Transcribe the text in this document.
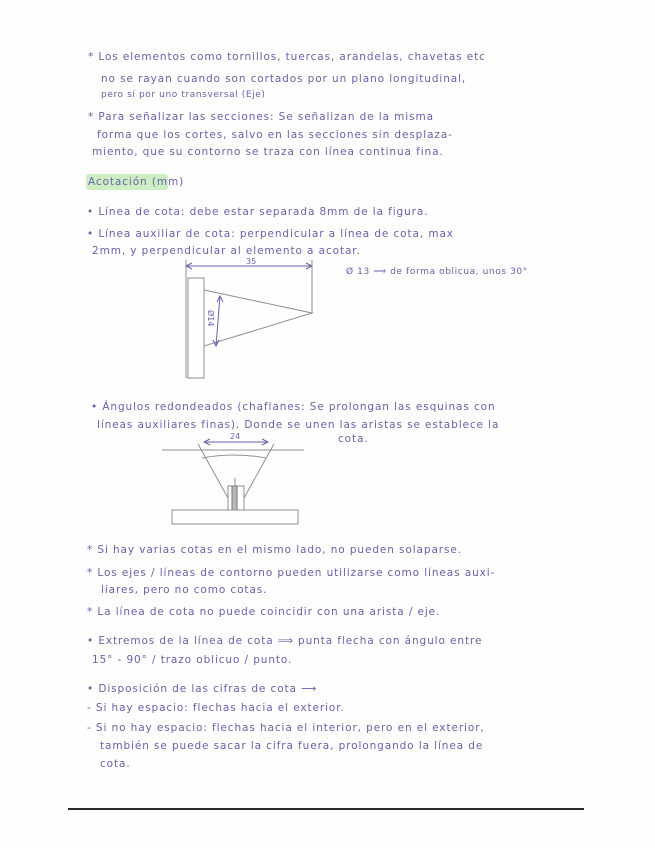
* Los elementos como tornillos, tuercas, arandelas, chavetas etc
no se rayan cuando son cortados por un plano longitudinal,
pero sí por uno transversal (Eje)
* Para señalizar las secciones: Se señalizan de la misma
forma que los cortes, salvo en las secciones sin desplaza-
miento, que su contorno se traza con línea continua fina.
Acotación (mm)
• Línea de cota: debe estar separada 8mm de la figura.
• Línea auxiliar de cota: perpendicular a línea de cota, max
2mm, y perpendicular al elemento a acotar.
35
Ø14
Ø 13 ⟹ de forma oblicua, unos 30°
• Ángulos redondeados (chaflanes: Se prolongan las esquinas con
líneas auxiliares finas). Donde se unen las aristas se establece la
cota.
24
* Si hay varias cotas en el mismo lado, no pueden solaparse.
* Los ejes / líneas de contorno pueden utilizarse como líneas auxi-
liares, pero no como cotas.
* La línea de cota no puede coincidir con una arista / eje.
• Extremos de la línea de cota ⟹ punta flecha con ángulo entre
15° - 90° / trazo oblicuo / punto.
• Disposición de las cifras de cota ⟶
- Si hay espacio: flechas hacia el exterior.
- Si no hay espacio: flechas hacia el interior, pero en el exterior,
también se puede sacar la cifra fuera, prolongando la línea de
cota.
